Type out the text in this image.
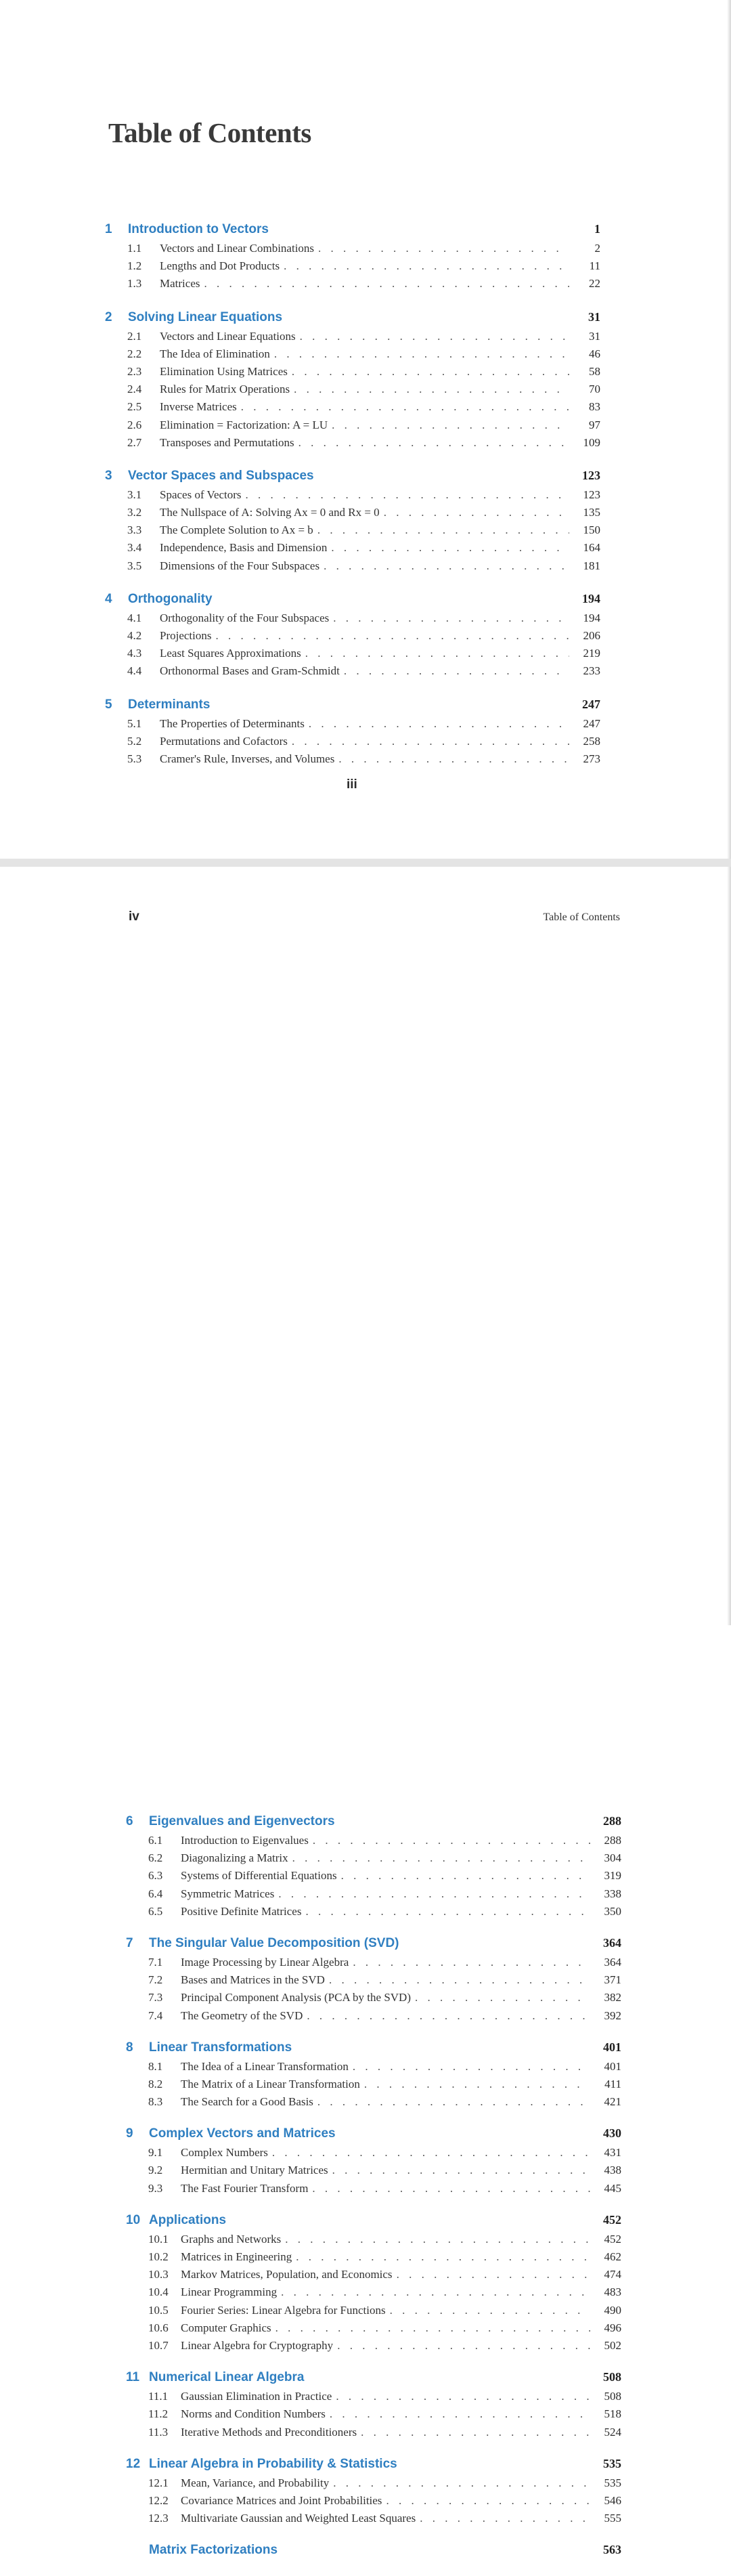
Table of Contents
1	Introduction to Vectors	1
1.1	Vectors and Linear Combinations . . .	2
1.2	Lengths and Dot Products . . .	11
1.3	Matrices . . .	22
2	Solving Linear Equations	31
2.1	Vectors and Linear Equations . . .	31
2.2	The Idea of Elimination . . .	46
2.3	Elimination Using Matrices . . .	58
2.4	Rules for Matrix Operations . . .	70
2.5	Inverse Matrices . . .	83
2.6	Elimination = Factorization: A = LU . . .	97
2.7	Transposes and Permutations . . .	109
3	Vector Spaces and Subspaces	123
3.1	Spaces of Vectors . . .	123
3.2	The Nullspace of A: Solving Ax = 0 and Rx = 0 . . .	135
3.3	The Complete Solution to Ax = b . . .	150
3.4	Independence, Basis and Dimension . . .	164
3.5	Dimensions of the Four Subspaces . . .	181
4	Orthogonality	194
4.1	Orthogonality of the Four Subspaces . . .	194
4.2	Projections . . .	206
4.3	Least Squares Approximations . . .	219
4.4	Orthonormal Bases and Gram-Schmidt . . .	233
5	Determinants	247
5.1	The Properties of Determinants . . .	247
5.2	Permutations and Cofactors . . .	258
5.3	Cramer's Rule, Inverses, and Volumes . . .	273
iii
iv	Table of Contents
6	Eigenvalues and Eigenvectors	288
6.1	Introduction to Eigenvalues . . .	288
6.2	Diagonalizing a Matrix . . .	304
6.3	Systems of Differential Equations . . .	319
6.4	Symmetric Matrices . . .	338
6.5	Positive Definite Matrices . . .	350
7	The Singular Value Decomposition (SVD)	364
7.1	Image Processing by Linear Algebra . . .	364
7.2	Bases and Matrices in the SVD . . .	371
7.3	Principal Component Analysis (PCA by the SVD) . . .	382
7.4	The Geometry of the SVD . . .	392
8	Linear Transformations	401
8.1	The Idea of a Linear Transformation . . .	401
8.2	The Matrix of a Linear Transformation . . .	411
8.3	The Search for a Good Basis . . .	421
9	Complex Vectors and Matrices	430
9.1	Complex Numbers . . .	431
9.2	Hermitian and Unitary Matrices . . .	438
9.3	The Fast Fourier Transform . . .	445
10 Applications	452
10.1	Graphs and Networks . . .	452
10.2	Matrices in Engineering . . .	462
10.3	Markov Matrices, Population, and Economics . . .	474
10.4	Linear Programming . . .	483
10.5	Fourier Series: Linear Algebra for Functions . . .	490
10.6	Computer Graphics . . .	496
10.7	Linear Algebra for Cryptography . . .	502
11 Numerical Linear Algebra	508
11.1	Gaussian Elimination in Practice . . .	508
11.2	Norms and Condition Numbers . . .	518
11.3	Iterative Methods and Preconditioners . . .	524
12 Linear Algebra in Probability & Statistics	535
12.1	Mean, Variance, and Probability . . .	535
12.2	Covariance Matrices and Joint Probabilities . . .	546
12.3	Multivariate Gaussian and Weighted Least Squares . . .	555
Matrix Factorizations	563
